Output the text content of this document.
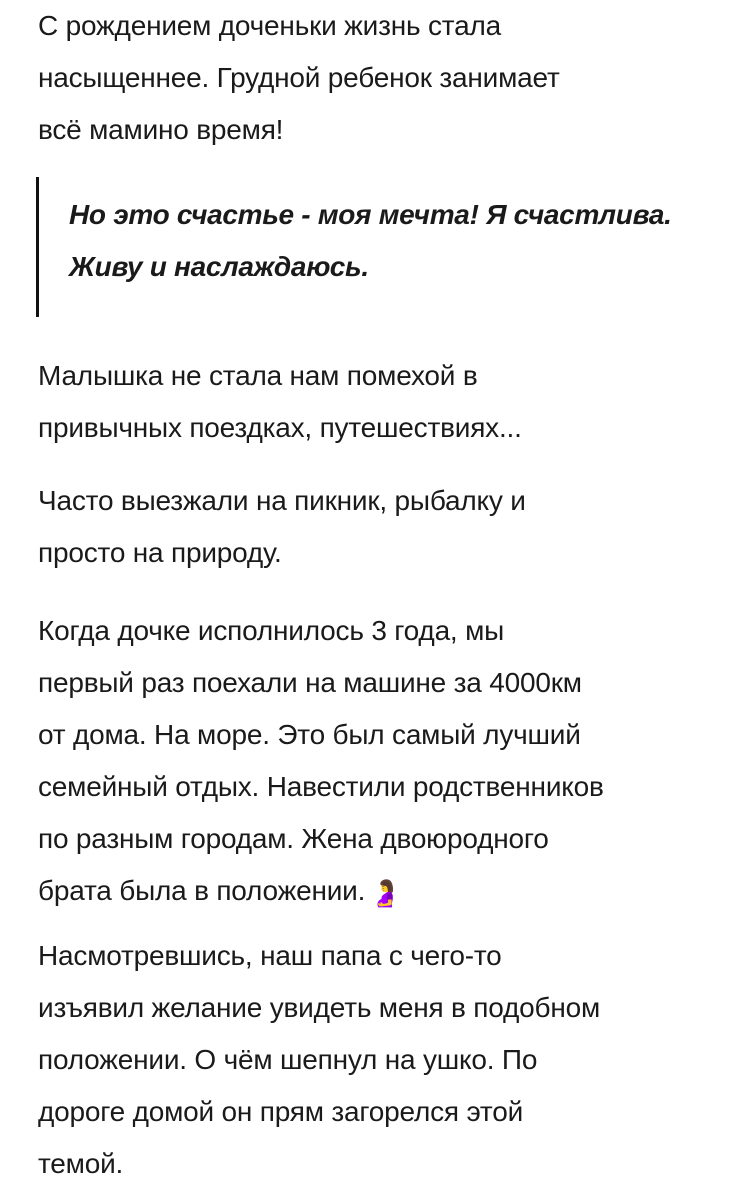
С рождением доченьки жизнь стала
насыщеннее. Грудной ребенок занимает
всё мамино время!

Но это счастье - моя мечта! Я счастлива.
Живу и наслаждаюсь.

Малышка не стала нам помехой в
привычных поездках, путешествиях...

Часто выезжали на пикник, рыбалку и
просто на природу.

Когда дочке исполнилось 3 года, мы
первый раз поехали на машине за 4000км
от дома. На море. Это был самый лучший
семейный отдых. Навестили родственников
по разным городам. Жена двоюродного
брата была в положении. 🤰

Насмотревшись, наш папа с чего-то
изъявил желание увидеть меня в подобном
положении. О чём шепнул на ушко. По
дороге домой он прям загорелся этой
темой.
